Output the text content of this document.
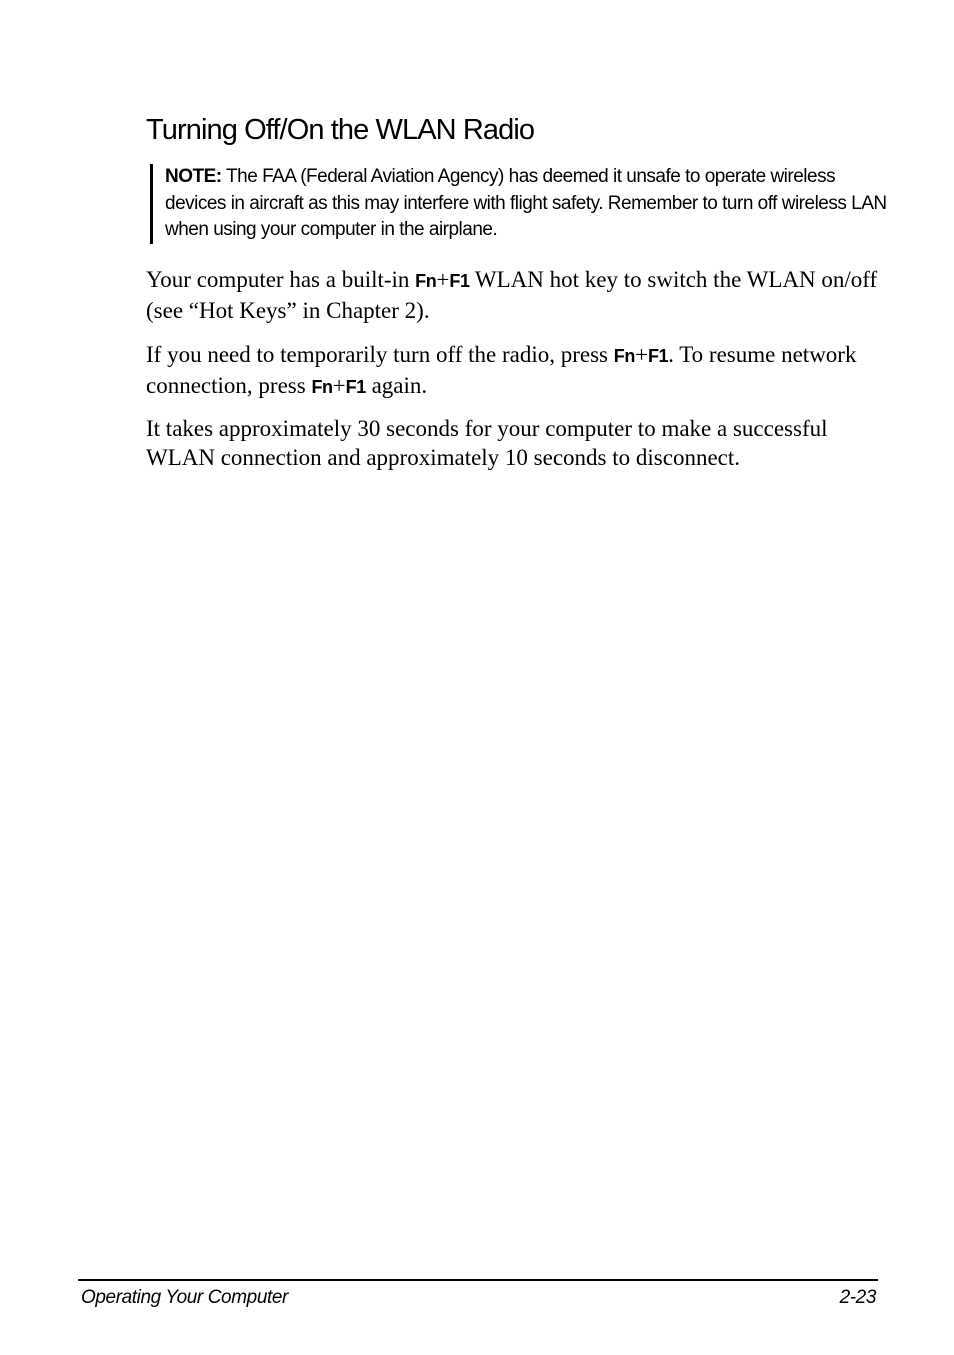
Turning Off/On the WLAN Radio
NOTE: The FAA (Federal Aviation Agency) has deemed it unsafe to operate wireless devices in aircraft as this may interfere with flight safety. Remember to turn off wireless LAN when using your computer in the airplane.

Your computer has a built-in Fn+F1 WLAN hot key to switch the WLAN on/off (see “Hot Keys” in Chapter 2).

If you need to temporarily turn off the radio, press Fn+F1. To resume network connection, press Fn+F1 again.

It takes approximately 30 seconds for your computer to make a successful WLAN connection and approximately 10 seconds to disconnect.

Operating Your Computer	2-23
